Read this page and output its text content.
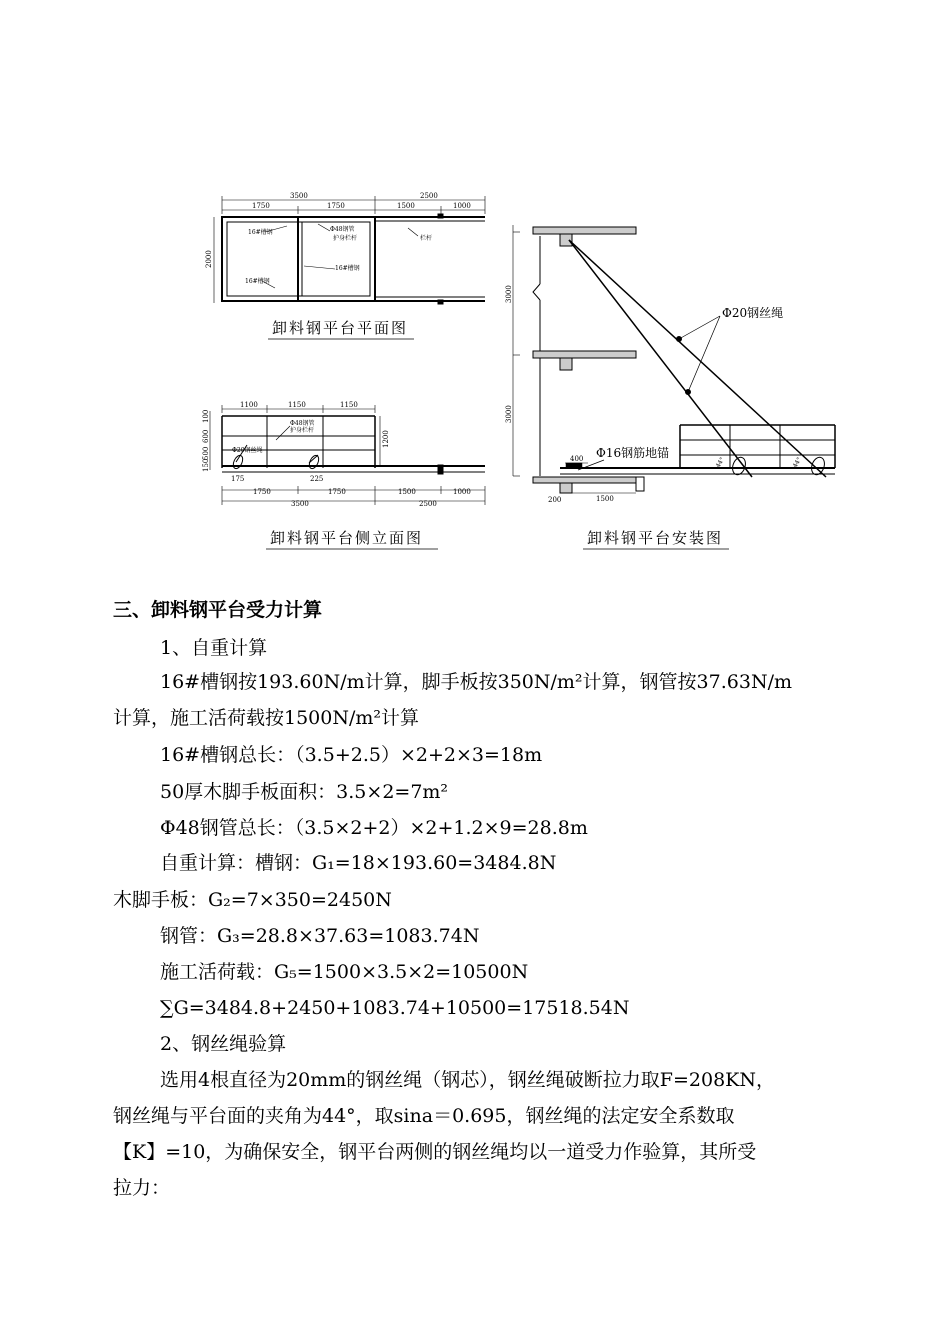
3500	2500
1750	1750	1500	1000
2000
16#槽钢	Φ48钢管
护身栏杆	栏杆
16#槽钢
16#槽钢
卸料钢平台平面图
1100	1150	1150
100
600
500
150
1200
Φ48钢管
护身栏杆
Φ20钢丝绳
175	225
1750	1750	1500	1000
3500	2500
卸料钢平台侧立面图
3000
3000
Φ20钢丝绳
44°	44°
Φ16钢筋地锚
400
200	1500
卸料钢平台安装图
三、卸料钢平台受力计算
1、自重计算
16#槽钢按193.60N/m计算，脚手板按350N/m²计算，钢管按37.63N/m
计算，施工活荷载按1500N/m²计算
16#槽钢总长：（3.5+2.5）×2+2×3=18m
50厚木脚手板面积：3.5×2=7m²
Φ48钢管总长：（3.5×2+2）×2+1.2×9=28.8m
自重计算：槽钢：G₁=18×193.60=3484.8N
木脚手板：G₂=7×350=2450N
钢管：G₃=28.8×37.63=1083.74N
施工活荷载：G₅=1500×3.5×2=10500N
∑G=3484.8+2450+1083.74+10500=17518.54N
2、钢丝绳验算
选用4根直径为20mm的钢丝绳（钢芯），钢丝绳破断拉力取F=208KN，
钢丝绳与平台面的夹角为44°，取sina＝0.695，钢丝绳的法定安全系数取
【K】=10，为确保安全，钢平台两侧的钢丝绳均以一道受力作验算，其所受
拉力：
